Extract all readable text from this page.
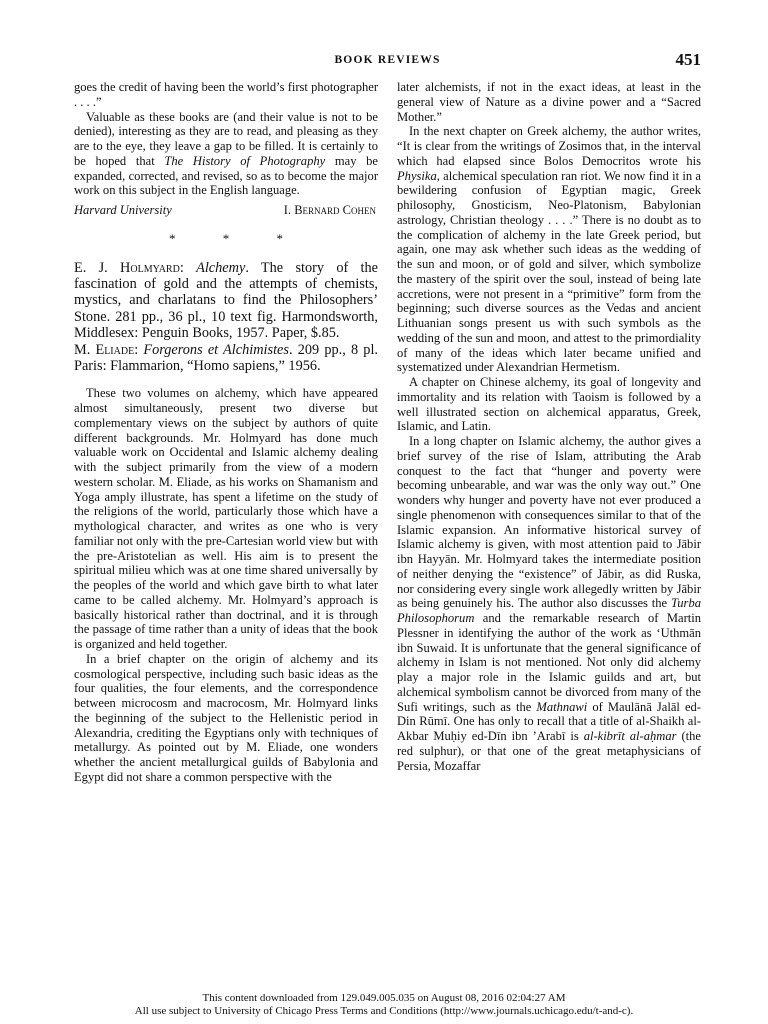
BOOK REVIEWS	451

goes the credit of having been the world’s first photographer . . . .”

Valuable as these books are (and their value is not to be denied), interesting as they are to read, and pleasing as they are to the eye, they leave a gap to be filled. It is certainly to be hoped that The History of Photography may be expanded, corrected, and revised, so as to become the major work on this subject in the English language.

Harvard University	I. Bernard Cohen
* * *

E. J. Holmyard: Alchemy. The story of the fascination of gold and the attempts of chemists, mystics, and charlatans to find the Philosophers’ Stone. 281 pp., 36 pl., 10 text fig. Harmondsworth, Middlesex: Penguin Books, 1957. Paper, $.85.

M. Eliade: Forgerons et Alchimistes. 209 pp., 8 pl. Paris: Flammarion, “Homo sapiens,” 1956.

These two volumes on alchemy, which have appeared almost simultaneously, present two diverse but complementary views on the subject by authors of quite different backgrounds. Mr. Holmyard has done much valuable work on Occidental and Islamic alchemy dealing with the subject primarily from the view of a modern western scholar. M. Eliade, as his works on Shamanism and Yoga amply illustrate, has spent a lifetime on the study of the religions of the world, particularly those which have a mythological character, and writes as one who is very familiar not only with the pre-Cartesian world view but with the pre-Aristotelian as well. His aim is to present the spiritual milieu which was at one time shared universally by the peoples of the world and which gave birth to what later came to be called alchemy. Mr. Holmyard’s approach is basically historical rather than doctrinal, and it is through the passage of time rather than a unity of ideas that the book is organized and held together.

In a brief chapter on the origin of alchemy and its cosmological perspective, including such basic ideas as the four qualities, the four elements, and the correspondence between microcosm and macrocosm, Mr. Holmyard links the beginning of the subject to the Hellenistic period in Alexandria, crediting the Egyptians only with techniques of metallurgy. As pointed out by M. Eliade, one wonders whether the ancient metallurgical guilds of Babylonia and Egypt did not share a common perspective with the

later alchemists, if not in the exact ideas, at least in the general view of Nature as a divine power and a “Sacred Mother.”

In the next chapter on Greek alchemy, the author writes, “It is clear from the writings of Zosimos that, in the interval which had elapsed since Bolos Democritos wrote his Physika, alchemical speculation ran riot. We now find it in a bewildering confusion of Egyptian magic, Greek philosophy, Gnosticism, Neo-Platonism, Babylonian astrology, Christian theology . . . .” There is no doubt as to the complication of alchemy in the late Greek period, but again, one may ask whether such ideas as the wedding of the sun and moon, or of gold and silver, which symbolize the mastery of the spirit over the soul, instead of being late accretions, were not present in a “primitive” form from the beginning; such diverse sources as the Vedas and ancient Lithuanian songs present us with such symbols as the wedding of the sun and moon, and attest to the primordiality of many of the ideas which later became unified and systematized under Alexandrian Hermetism.

A chapter on Chinese alchemy, its goal of longevity and immortality and its relation with Taoism is followed by a well illustrated section on alchemical apparatus, Greek, Islamic, and Latin.

In a long chapter on Islamic alchemy, the author gives a brief survey of the rise of Islam, attributing the Arab conquest to the fact that “hunger and poverty were becoming unbearable, and war was the only way out.” One wonders why hunger and poverty have not ever produced a single phenomenon with consequences similar to that of the Islamic expansion. An informative historical survey of Islamic alchemy is given, with most attention paid to Jābir ibn Hayyān. Mr. Holmyard takes the intermediate position of neither denying the “existence” of Jābir, as did Ruska, nor considering every single work allegedly written by Jābir as being genuinely his. The author also discusses the Turba Philosophorum and the remarkable research of Martin Plessner in identifying the author of the work as ‘Uthmān ibn Suwaid. It is unfortunate that the general significance of alchemy in Islam is not mentioned. Not only did alchemy play a major role in the Islamic guilds and art, but alchemical symbolism cannot be divorced from many of the Sufi writings, such as the Mathnawi of Maulānā Jalāl ed-Din Rūmī. One has only to recall that a title of al-Shaikh al-Akbar Muḥiy ed-Dīn ibn ’Arabī is al-kibrīt al-aḥmar (the red sulphur), or that one of the great metaphysicians of Persia, Mozaffar

This content downloaded from 129.049.005.035 on August 08, 2016 02:04:27 AM
All use subject to University of Chicago Press Terms and Conditions (http://www.journals.uchicago.edu/t-and-c).
